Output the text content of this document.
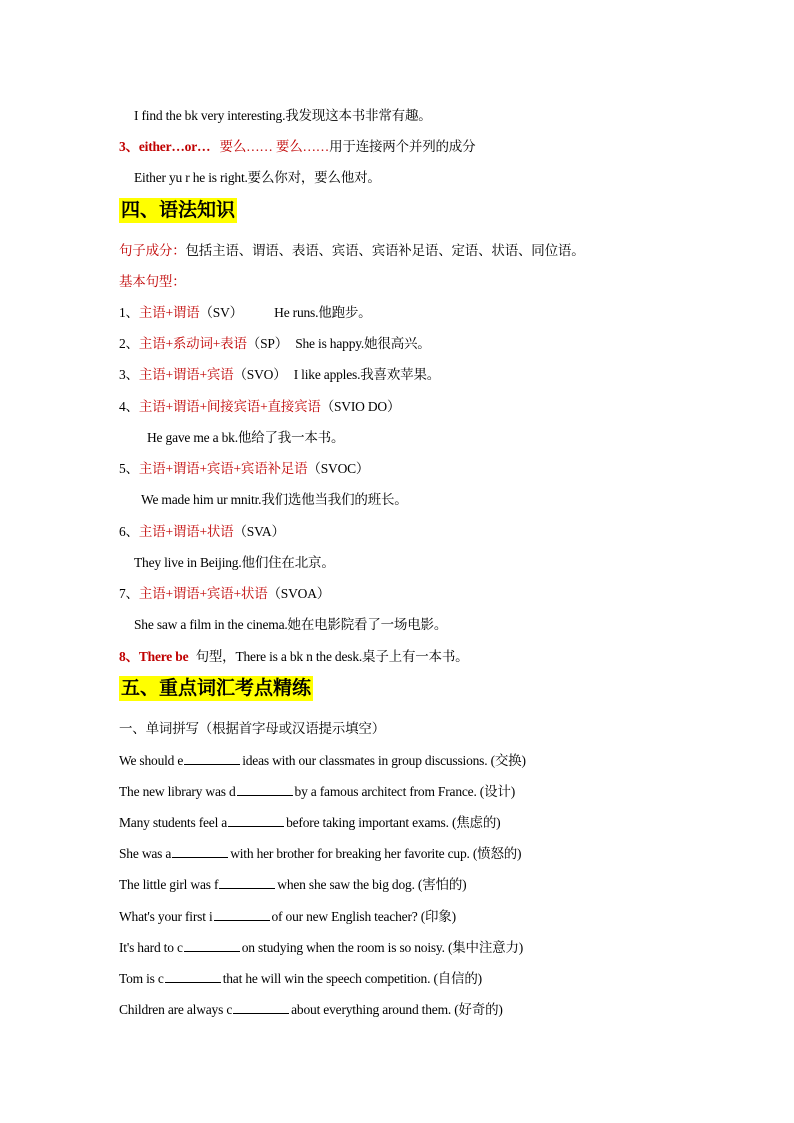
I find the bk very interesting.我发现这本书非常有趣。
3、either…or… 要么…… 要么……用于连接两个并列的成分
Either yu r he is right.要么你对，要么他对。
四、语法知识
句子成分：包括主语、谓语、表语、宾语、宾语补足语、定语、状语、同位语。
基本句型：
1、主语+谓语（SV） He runs.他跑步。
2、主语+系动词+表语（SP） She is happy.她很高兴。
3、主语+谓语+宾语（SVO） I like apples.我喜欢苹果。
4、主语+谓语+间接宾语+直接宾语（SVIO DO）
He gave me a bk.他给了我一本书。
5、主语+谓语+宾语+宾语补足语（SVOC）
We made him ur mnitr.我们选他当我们的班长。
6、主语+谓语+状语（SVA）
They live in Beijing.他们住在北京。
7、主语+谓语+宾语+状语（SVOA）
She saw a film in the cinema.她在电影院看了一场电影。
8、There be 句型，There is a bk n the desk.桌子上有一本书。
五、重点词汇考点精练
一、单词拼写（根据首字母或汉语提示填空）
We should e	ideas with our classmates in group discussions. (交换)
The new library was d	by a famous architect from France. (设计)
Many students feel a	before taking important exams. (焦虑的)
She was a	with her brother for breaking her favorite cup. (愤怒的)
The little girl was f	when she saw the big dog. (害怕的)
What's your first i	of our new English teacher? (印象)
It's hard to c	on studying when the room is so noisy. (集中注意力)
Tom is c	that he will win the speech competition. (自信的)
Children are always c	about everything around them. (好奇的)
